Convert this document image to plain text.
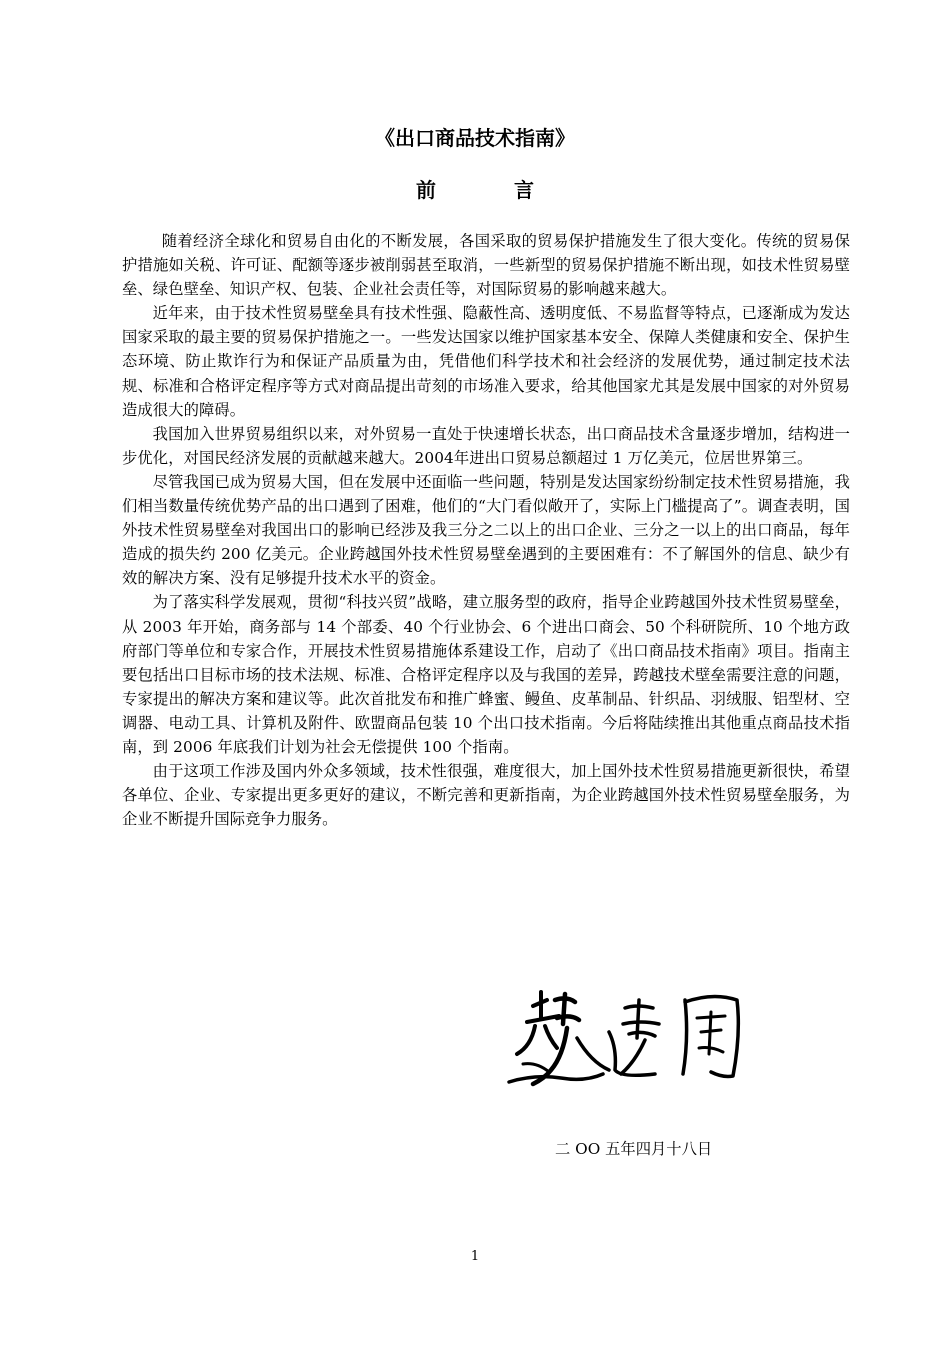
《出口商品技术指南》
前言

随着经济全球化和贸易自由化的不断发展，各国采取的贸易保护措施发生了很大变化。传统的贸易保护措施如关税、许可证、配额等逐步被削弱甚至取消，一些新型的贸易保护措施不断出现，如技术性贸易壁垒、绿色壁垒、知识产权、包装、企业社会责任等，对国际贸易的影响越来越大。

近年来，由于技术性贸易壁垒具有技术性强、隐蔽性高、透明度低、不易监督等特点，已逐渐成为发达国家采取的最主要的贸易保护措施之一。一些发达国家以维护国家基本安全、保障人类健康和安全、保护生态环境、防止欺诈行为和保证产品质量为由，凭借他们科学技术和社会经济的发展优势，通过制定技术法规、标准和合格评定程序等方式对商品提出苛刻的市场准入要求，给其他国家尤其是发展中国家的对外贸易造成很大的障碍。

我国加入世界贸易组织以来，对外贸易一直处于快速增长状态，出口商品技术含量逐步增加，结构进一步优化，对国民经济发展的贡献越来越大。2004年进出口贸易总额超过 1 万亿美元，位居世界第三。

尽管我国已成为贸易大国，但在发展中还面临一些问题，特别是发达国家纷纷制定技术性贸易措施，我们相当数量传统优势产品的出口遇到了困难，他们的“大门看似敞开了，实际上门槛提高了”。调查表明，国外技术性贸易壁垒对我国出口的影响已经涉及我三分之二以上的出口企业、三分之一以上的出口商品，每年造成的损失约 200 亿美元。企业跨越国外技术性贸易壁垒遇到的主要困难有：不了解国外的信息、缺少有效的解决方案、没有足够提升技术水平的资金。

为了落实科学发展观，贯彻“科技兴贸”战略，建立服务型的政府，指导企业跨越国外技术性贸易壁垒，从 2003 年开始，商务部与 14 个部委、40 个行业协会、6 个进出口商会、50 个科研院所、10 个地方政府部门等单位和专家合作，开展技术性贸易措施体系建设工作，启动了《出口商品技术指南》项目。指南主要包括出口目标市场的技术法规、标准、合格评定程序以及与我国的差异，跨越技术壁垒需要注意的问题，专家提出的解决方案和建议等。此次首批发布和推广蜂蜜、鳗鱼、皮革制品、针织品、羽绒服、铝型材、空调器、电动工具、计算机及附件、欧盟商品包装 10 个出口技术指南。今后将陆续推出其他重点商品技术指南，到 2006 年底我们计划为社会无偿提供 100 个指南。

由于这项工作涉及国内外众多领域，技术性很强，难度很大，加上国外技术性贸易措施更新很快，希望各单位、企业、专家提出更多更好的建议，不断完善和更新指南，为企业跨越国外技术性贸易壁垒服务，为企业不断提升国际竞争力服务。

二 OO 五年四月十八日
1
